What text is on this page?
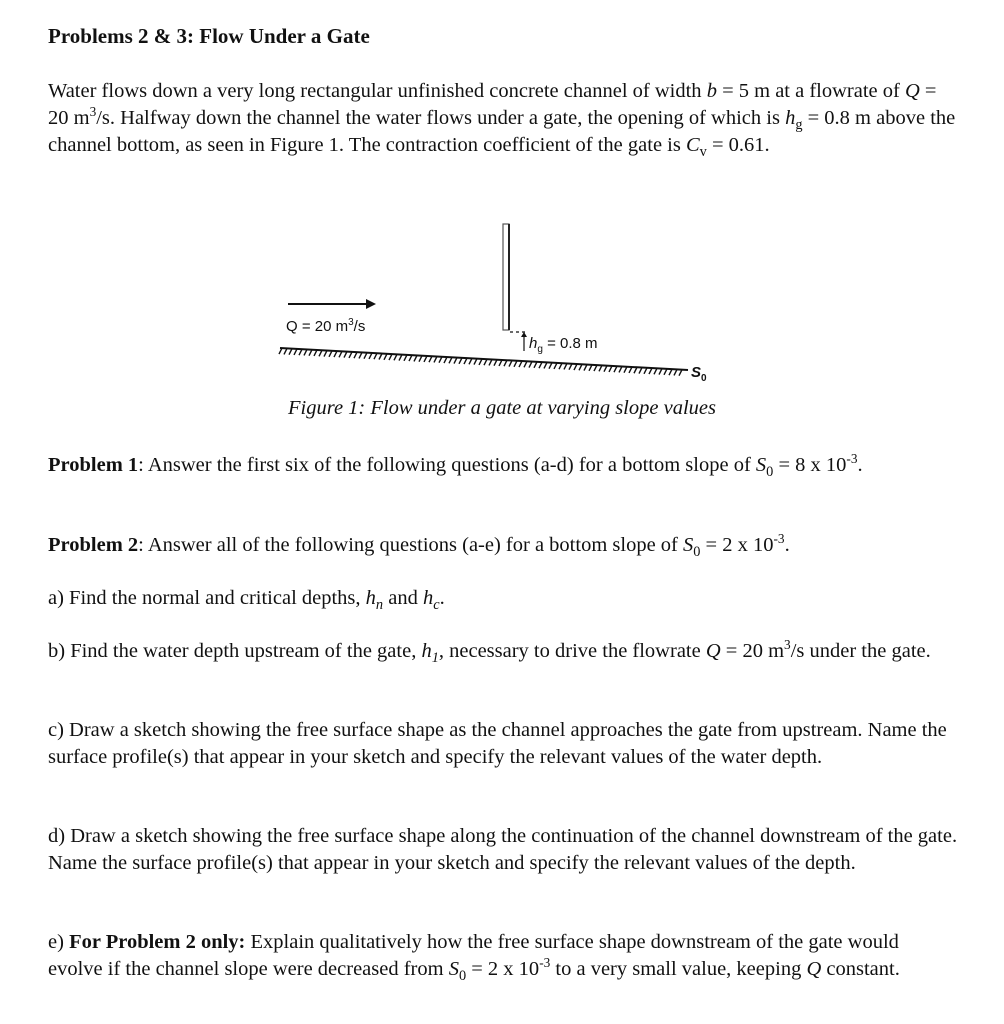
Problems 2 & 3: Flow Under a Gate

Water flows down a very long rectangular unfinished concrete channel of width b = 5 m at a flowrate of Q = 20 $m^3/s$. Halfway down the channel the water flows under a gate, the opening of which is $h_g = 0.8$ m above the channel bottom, as seen in Figure 1. The contraction coefficient of the gate is $C_v = 0.61$.

Q = 20 $m^3/s$
$h_g = 0.8$ m
$S_0$

Figure 1: Flow under a gate at varying slope values

Problem 1: Answer the first six of the following questions (a-d) for a bottom slope of $S_0 = 8$ x $10^{-3}$.

Problem 2: Answer all of the following questions (a-e) for a bottom slope of $S_0 = 2$ x $10^{-3}$.

a) Find the normal and critical depths, $h_n$ and $h_c$.

b) Find the water depth upstream of the gate, $h_1$, necessary to drive the flowrate Q = 20 $m^3/s$ under the gate.

c) Draw a sketch showing the free surface shape as the channel approaches the gate from upstream. Name the surface profile(s) that appear in your sketch and specify the relevant values of the water depth.

d) Draw a sketch showing the free surface shape along the continuation of the channel downstream of the gate. Name the surface profile(s) that appear in your sketch and specify the relevant values of the depth.

e) For Problem 2 only: Explain qualitatively how the free surface shape downstream of the gate would evolve if the channel slope were decreased from $S_0 = 2$ x $10^{-3}$ to a very small value, keeping Q constant.
